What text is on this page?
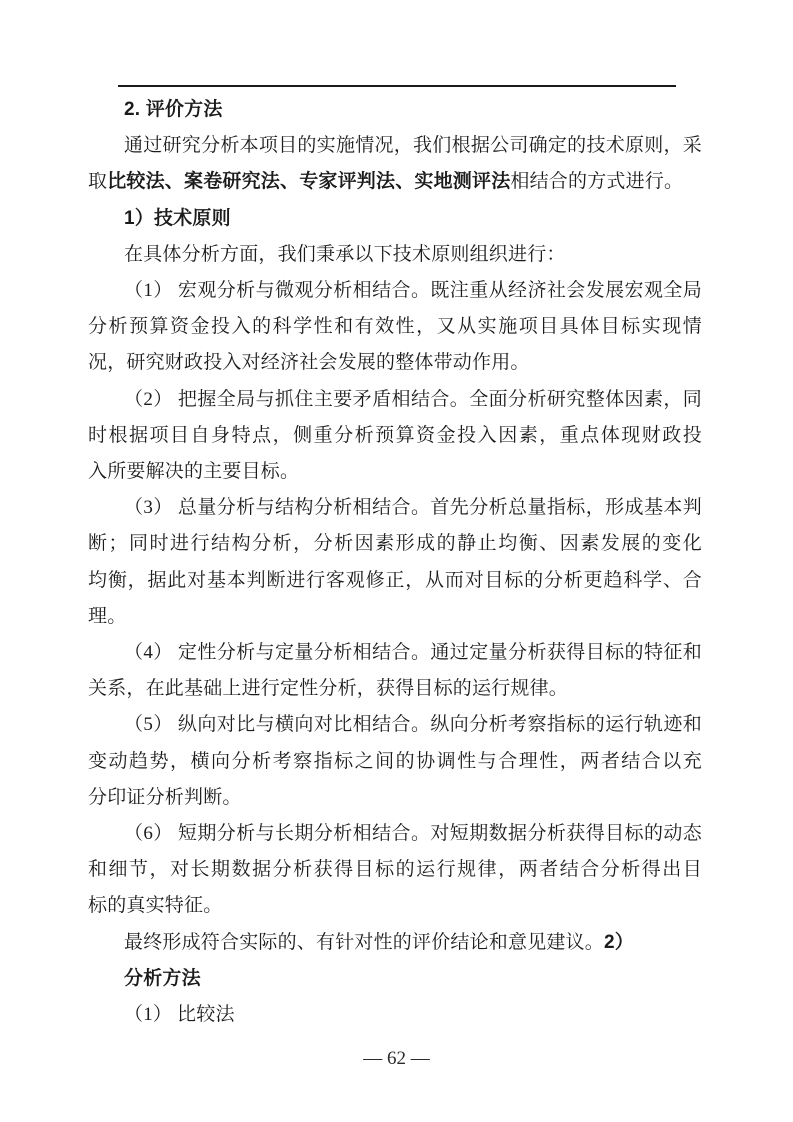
2. 评价方法

通过研究分析本项目的实施情况，我们根据公司确定的技术原则，采取比较法、案卷研究法、专家评判法、实地测评法相结合的方式进行。

1）技术原则

在具体分析方面，我们秉承以下技术原则组织进行：

（1） 宏观分析与微观分析相结合。既注重从经济社会发展宏观全局分析预算资金投入的科学性和有效性，又从实施项目具体目标实现情　况，研究财政投入对经济社会发展的整体带动作用。

（2） 把握全局与抓住主要矛盾相结合。全面分析研究整体因素，同时根据项目自身特点，侧重分析预算资金投入因素，重点体现财政投　入所要解决的主要目标。

（3） 总量分析与结构分析相结合。首先分析总量指标，形成基本判断；同时进行结构分析，分析因素形成的静止均衡、因素发展的变化　均衡，据此对基本判断进行客观修正，从而对目标的分析更趋科学、合　理。

（4） 定性分析与定量分析相结合。通过定量分析获得目标的特征和关系，在此基础上进行定性分析，获得目标的运行规律。

（5） 纵向对比与横向对比相结合。纵向分析考察指标的运行轨迹和变动趋势，横向分析考察指标之间的协调性与合理性，两者结合以充　分印证分析判断。

（6） 短期分析与长期分析相结合。对短期数据分析获得目标的动态和细节，对长期数据分析获得目标的运行规律，两者结合分析得出目　标的真实特征。

最终形成符合实际的、有针对性的评价结论和意见建议。2）

分析方法

（1） 比较法

— 62 —
